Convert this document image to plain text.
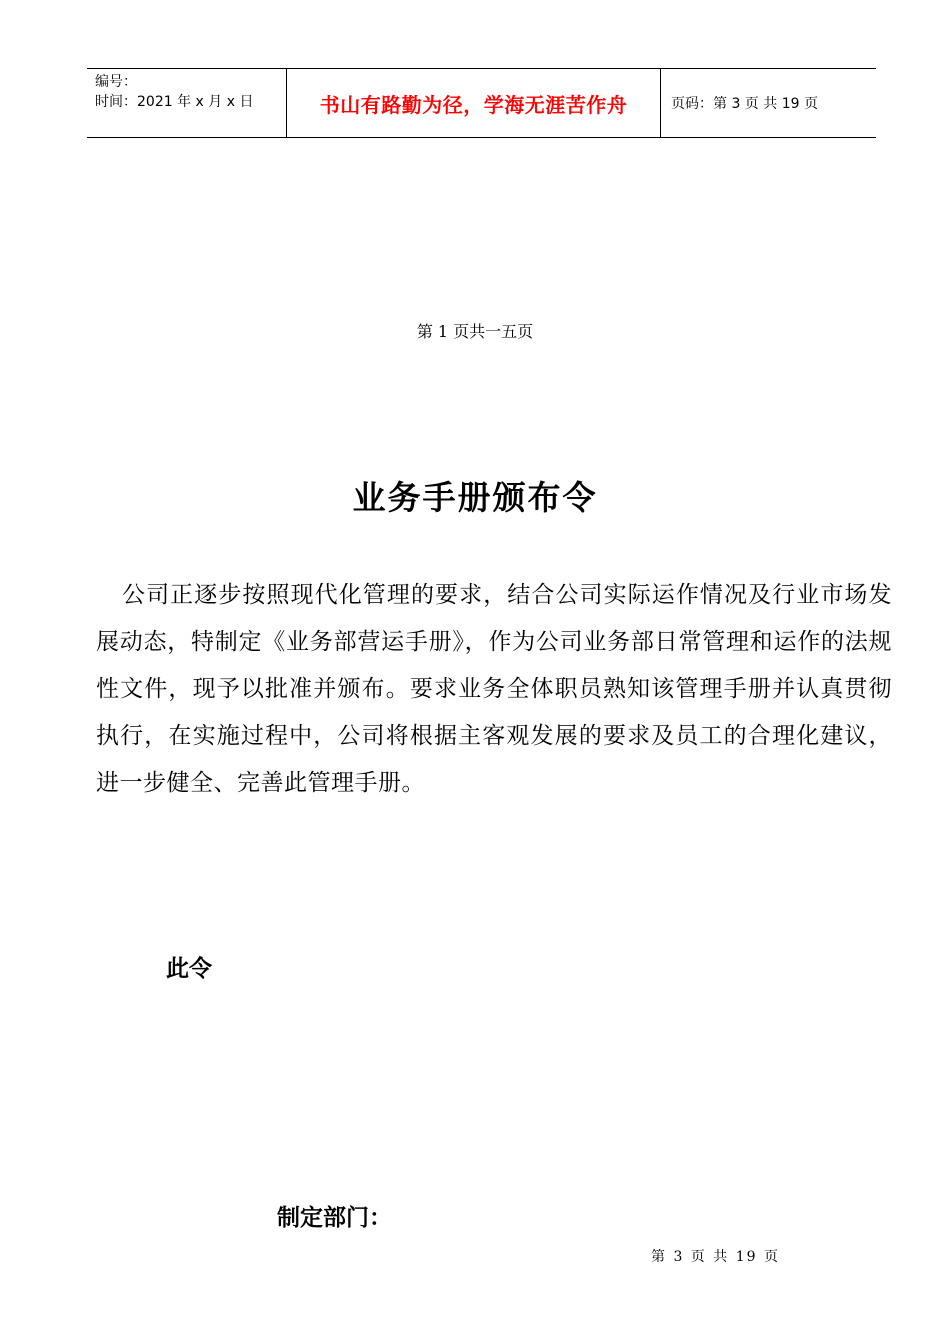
编号：
时间：2021 年 x 月 x 日	书山有路勤为径，学海无涯苦作舟	页码：第 3 页 共 19 页
第 1 页共一五页
业务手册颁布令
公司正逐步按照现代化管理的要求，结合公司实际运作情况及行业市场发展动态，特制定《业务部营运手册》，作为公司业务部日常管理和运作的法规性文件，现予以批准并颁布。要求业务全体职员熟知该管理手册并认真贯彻执行，在实施过程中，公司将根据主客观发展的要求及员工的合理化建议，进一步健全、完善此管理手册。
此令
制定部门：
第 3 页 共 19 页
